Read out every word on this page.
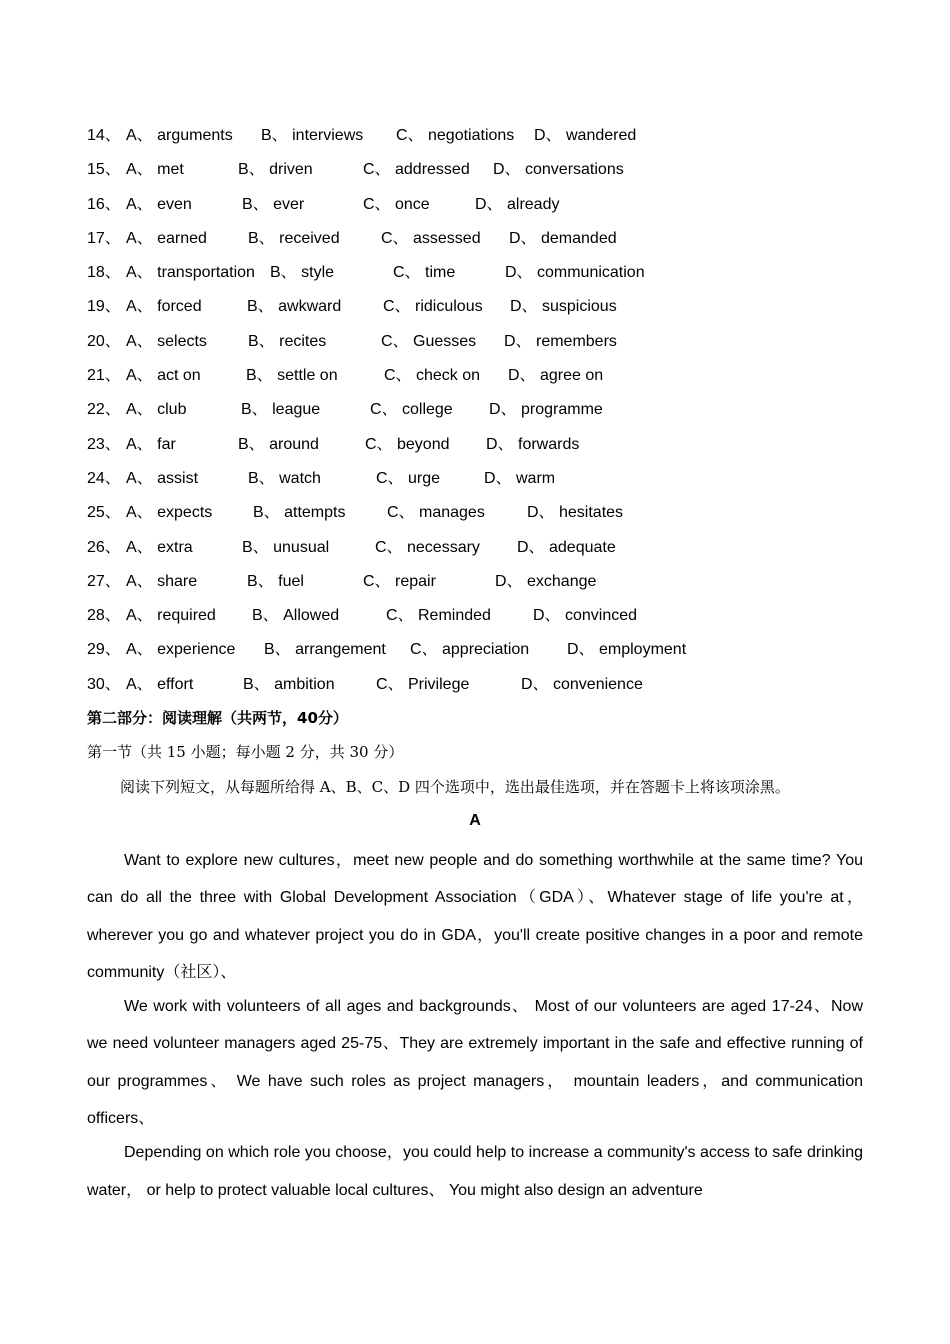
14、 A、 arguments B、 interviews C、 negotiations D、 wandered
15、 A、 met	B、 driven	C、 addressed D、 conversations
16、 A、 even	B、 ever	C、 once	D、 already
17、 A、 earned	B、 received	C、 assessed D、 demanded
18、 A、 transportation B、 style	C、 time	D、 communication
19、 A、 forced	B、 awkward	C、 ridiculous D、 suspicious
20、 A、 selects	B、 recites	C、 Guesses D、 remembers
21、 A、 act on	B、 settle on	C、 check on D、 agree on
22、 A、 club	B、 league	C、 college D、 programme
23、 A、 far	B、 around	C、 beyond D、 forwards
24、 A、 assist	B、 watch	C、 urge	D、 warm
25、 A、 expects	B、 attempts	C、 manages	D、 hesitates
26、 A、 extra	B、 unusual	C、 necessary D、 adequate
27、 A、 share	B、 fuel	C、 repair	D、 exchange
28、 A、 required B、 Allowed	C、 Reminded	D、 convinced
29、 A、 experience B、 arrangement C、 appreciation D、 employment
30、 A、 effort	B、 ambition	C、 Privilege	D、 convenience
第二部分：阅读理解（共两节，40分）
第一节（共 15 小题；每小题 2 分，共 30 分）
阅读下列短文，从每题所给得 A、B、C、D 四个选项中，选出最佳选项，并在答题卡上将该项涂黑。
A

Want to explore new cultures，meet new people and do something worthwhile at the same time? You can do all the three with Global Development Association（GDA）、Whatever stage of life you're at，wherever you go and whatever project you do in GDA，you'll create positive changes in a poor and remote community（社区）、

We work with volunteers of all ages and backgrounds、 Most of our volunteers are aged 17-24、Now we need volunteer managers aged 25-75、They are extremely important in the safe and effective running of our programmes、 We have such roles as project managers， mountain leaders，and communication officers、

Depending on which role you choose，you could help to increase a community's access to safe drinking water， or help to protect valuable local cultures、 You might also design an adventure
